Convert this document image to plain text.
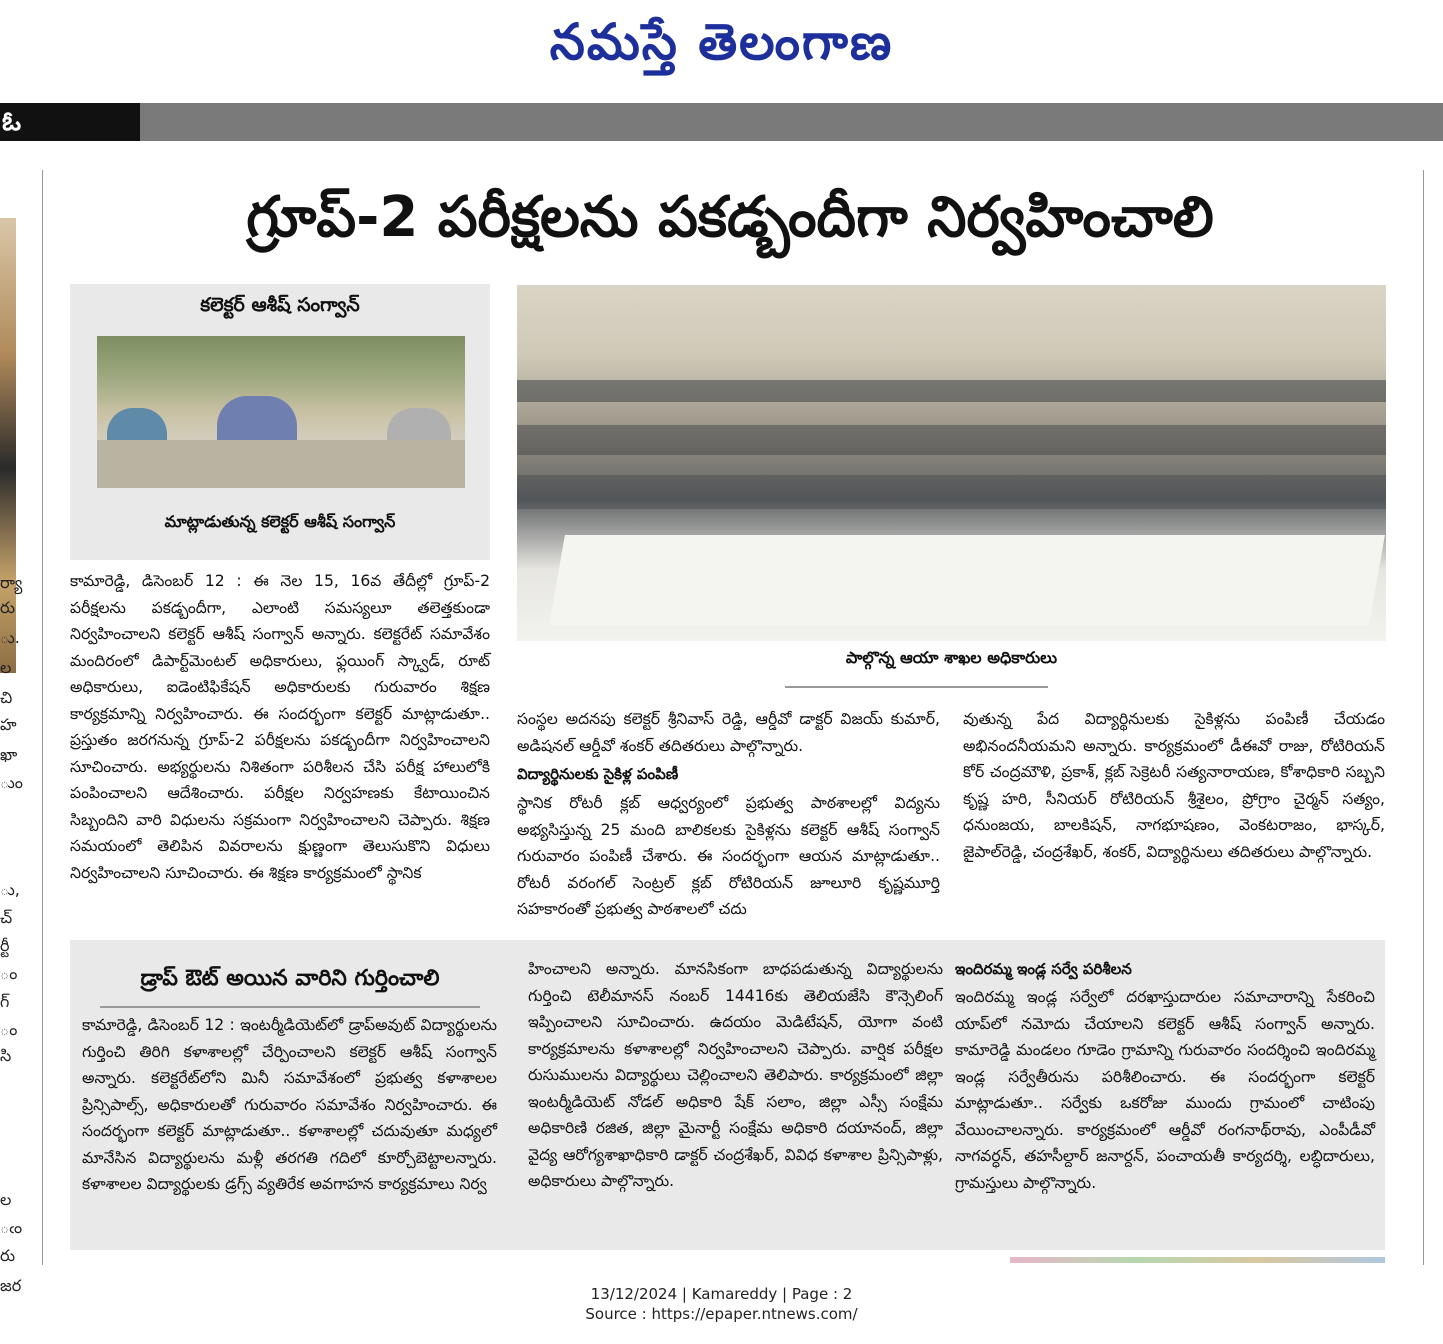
నమస్తే తెలంగాణ
ఓ
ర్యా
రు
ు.
ల
చి
హ
ఖా
ుం
ు,
చ్
ర్టీ
ం
గ్
ం
సి
ల
ఁం
రు
జర
గ్రూప్‌-2 పరీక్షలను పకడ్బందీగా నిర్వహించాలి
కలెక్టర్‌ ఆశీష్‌ సంగ్వాన్‌
మాట్లాడుతున్న కలెక్టర్‌ ఆశీష్‌ సంగ్వాన్‌
పాల్గొన్న ఆయా శాఖల అధికారులు
కామారెడ్డి, డిసెంబర్‌ 12 : ఈ నెల 15, 16వ తేదీల్లో గ్రూప్‌-2 పరీక్షలను పకడ్బందీగా, ఎలాంటి సమస్యలూ తలెత్తకుండా నిర్వహించాలని కలెక్టర్‌ ఆశీష్‌ సంగ్వాన్‌ అన్నారు. కలెక్టరేట్‌ సమావేశం మందిరంలో డిపార్ట్‌మెంటల్‌ అధికారులు, ఫ్లయింగ్‌ స్క్వాడ్‌, రూట్‌ అధికారులు, ఐడెంటిఫికేషన్‌ అధికారులకు గురువారం శిక్షణ కార్యక్రమాన్ని నిర్వహించారు. ఈ సందర్భంగా కలెక్టర్‌ మాట్లాడుతూ.. ప్రస్తుతం జరగనున్న గ్రూప్‌-2 పరీక్షలను పకడ్బందీగా నిర్వహించాలని సూచించారు. అభ్యర్థులను నిశితంగా పరిశీలన చేసి పరీక్ష హాలులోకి పంపించాలని ఆదేశించారు. పరీక్షల నిర్వహణకు కేటాయించిన సిబ్బందిని వారి విధులను సక్రమంగా నిర్వహించాలని చెప్పారు. శిక్షణ సమయంలో తెలిపిన వివరాలను క్షుణ్ణంగా తెలుసుకొని విధులు నిర్వహించాలని సూచించారు. ఈ శిక్షణ కార్యక్రమంలో స్థానిక
సంస్థల అదనపు కలెక్టర్‌ శ్రీనివాస్‌ రెడ్డి, ఆర్డీవో డాక్టర్‌ విజయ్‌ కుమార్‌, అడిషనల్‌ ఆర్డీవో శంకర్‌ తదితరులు పాల్గొన్నారు.
విద్యార్థినులకు సైకిళ్ల పంపిణీ
స్థానిక రోటరీ క్లబ్‌ ఆధ్వర్యంలో ప్రభుత్వ పాఠశాలల్లో విద్యను అభ్యసిస్తున్న 25 మంది బాలికలకు సైకిళ్లను కలెక్టర్‌ ఆశీష్‌ సంగ్వాన్‌ గురువారం పంపిణీ చేశారు. ఈ సందర్భంగా ఆయన మాట్లాడుతూ.. రోటరీ వరంగల్‌ సెంట్రల్‌ క్లబ్‌ రోటిరియన్‌ జూలూరి కృష్ణమూర్తి సహకారంతో ప్రభుత్వ పాఠశాలలో చదు
వుతున్న పేద విద్యార్థినులకు సైకిళ్లను పంపిణీ చేయడం అభినందనీయమని అన్నారు. కార్యక్రమంలో డీఈవో రాజు, రోటిరియన్‌ కోర్‌ చంద్రమౌళి, ప్రకాశ్‌, క్లబ్‌ సెక్రెటరీ సత్యనారాయణ, కోశాధికారి సబ్బని కృష్ణ హరి, సీనియర్‌ రోటిరియన్‌ శ్రీశైలం, ప్రోగ్రాం చైర్మన్‌ సత్యం, ధనుంజయ, బాలకిషన్‌, నాగభూషణం, వెంకటరాజం, భాస్కర్‌, జైపాల్‌రెడ్డి, చంద్రశేఖర్‌, శంకర్‌, విద్యార్థినులు తదితరులు పాల్గొన్నారు.
డ్రాప్‌ ఔట్‌ అయిన వారిని గుర్తించాలి
కామారెడ్డి, డిసెంబర్‌ 12 : ఇంటర్మీడియెట్‌లో డ్రాప్‌అవుట్‌ విద్యార్థులను గుర్తించి తిరిగి కళాశాలల్లో చేర్పించాలని కలెక్టర్‌ ఆశీష్‌ సంగ్వాన్‌ అన్నారు. కలెక్టరేట్‌లోని మినీ సమావేశంలో ప్రభుత్వ కళాశాలల ప్రిన్సిపాల్స్‌, అధికారులతో గురువారం సమావేశం నిర్వహించారు. ఈ సందర్భంగా కలెక్టర్‌ మాట్లాడుతూ.. కళాశాలల్లో చదువుతూ మధ్యలో మానేసిన విద్యార్థులను మళ్లీ తరగతి గదిలో కూర్చోబెట్టాలన్నారు. కళాశాలల విద్యార్థులకు డ్రగ్స్‌ వ్యతిరేక అవగాహన కార్యక్రమాలు నిర్వ
హించాలని అన్నారు. మానసికంగా బాధపడుతున్న విద్యార్థులను గుర్తించి టెలీమానస్‌ నంబర్‌ 14416కు తెలియజేసి కౌన్సెలింగ్‌ ఇప్పించాలని సూచించారు. ఉదయం మెడిటేషన్‌, యోగా వంటి కార్యక్రమాలను కళాశాలల్లో నిర్వహించాలని చెప్పారు. వార్షిక పరీక్షల రుసుములను విద్యార్థులు చెల్లించాలని తెలిపారు. కార్యక్రమంలో జిల్లా ఇంటర్మీడియెట్‌ నోడల్‌ అధికారి షేక్‌ సలాం, జిల్లా ఎస్సీ సంక్షేమ అధికారిణి రజిత, జిల్లా మైనార్టీ సంక్షేమ అధికారి దయానంద్‌, జిల్లా వైద్య ఆరోగ్యశాఖాధికారి డాక్టర్‌ చంద్రశేఖర్‌, వివిధ కళాశాల ప్రిన్సిపాళ్లు, అధికారులు పాల్గొన్నారు.
ఇందిరమ్మ ఇండ్ల సర్వే పరిశీలన
ఇందిరమ్మ ఇండ్ల సర్వేలో దరఖాస్తుదారుల సమాచారాన్ని సేకరించి యాప్‌లో నమోదు చేయాలని కలెక్టర్‌ ఆశీష్‌ సంగ్వాన్‌ అన్నారు. కామారెడ్డి మండలం గూడెం గ్రామాన్ని గురువారం సందర్శించి ఇందిరమ్మ ఇండ్ల సర్వేతీరును పరిశీలించారు. ఈ సందర్భంగా కలెక్టర్‌ మాట్లాడుతూ.. సర్వేకు ఒకరోజు ముందు గ్రామంలో చాటింపు వేయించాలన్నారు. కార్యక్రమంలో ఆర్డీవో రంగనాథ్‌రావు, ఎంపీడీవో నాగవర్ధన్‌, తహసీల్దార్‌ జనార్దన్‌, పంచాయతీ కార్యదర్శి, లబ్ధిదారులు, గ్రామస్తులు పాల్గొన్నారు.
13/12/2024 | Kamareddy | Page : 2
Source : https://epaper.ntnews.com/
